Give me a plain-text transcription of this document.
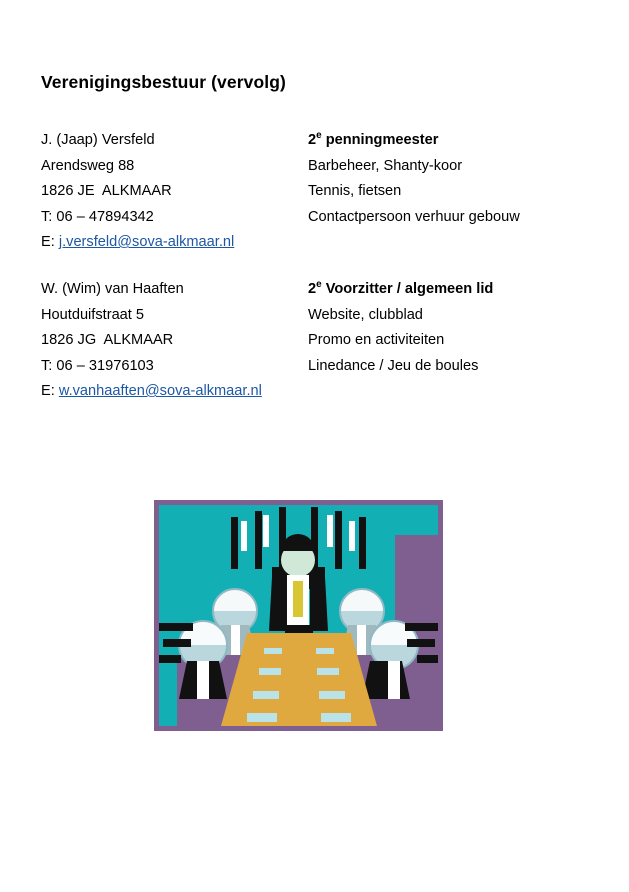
Verenigingsbestuur (vervolg)
J. (Jaap) Versfeld	2e penningmeester
Arendsweg 88	Barbeheer, Shanty-koor
1826 JE  ALKMAAR	Tennis, fietsen
T: 06 – 47894342	Contactpersoon verhuur gebouw
E: j.versfeld@sova-alkmaar.nl
W. (Wim) van Haaften	2e Voorzitter / algemeen lid
Houtduifstraat 5	Website, clubblad
1826 JG  ALKMAAR	Promo en activiteiten
T: 06 – 31976103	Linedance / Jeu de boules
E: w.vanhaaften@sova-alkmaar.nl
